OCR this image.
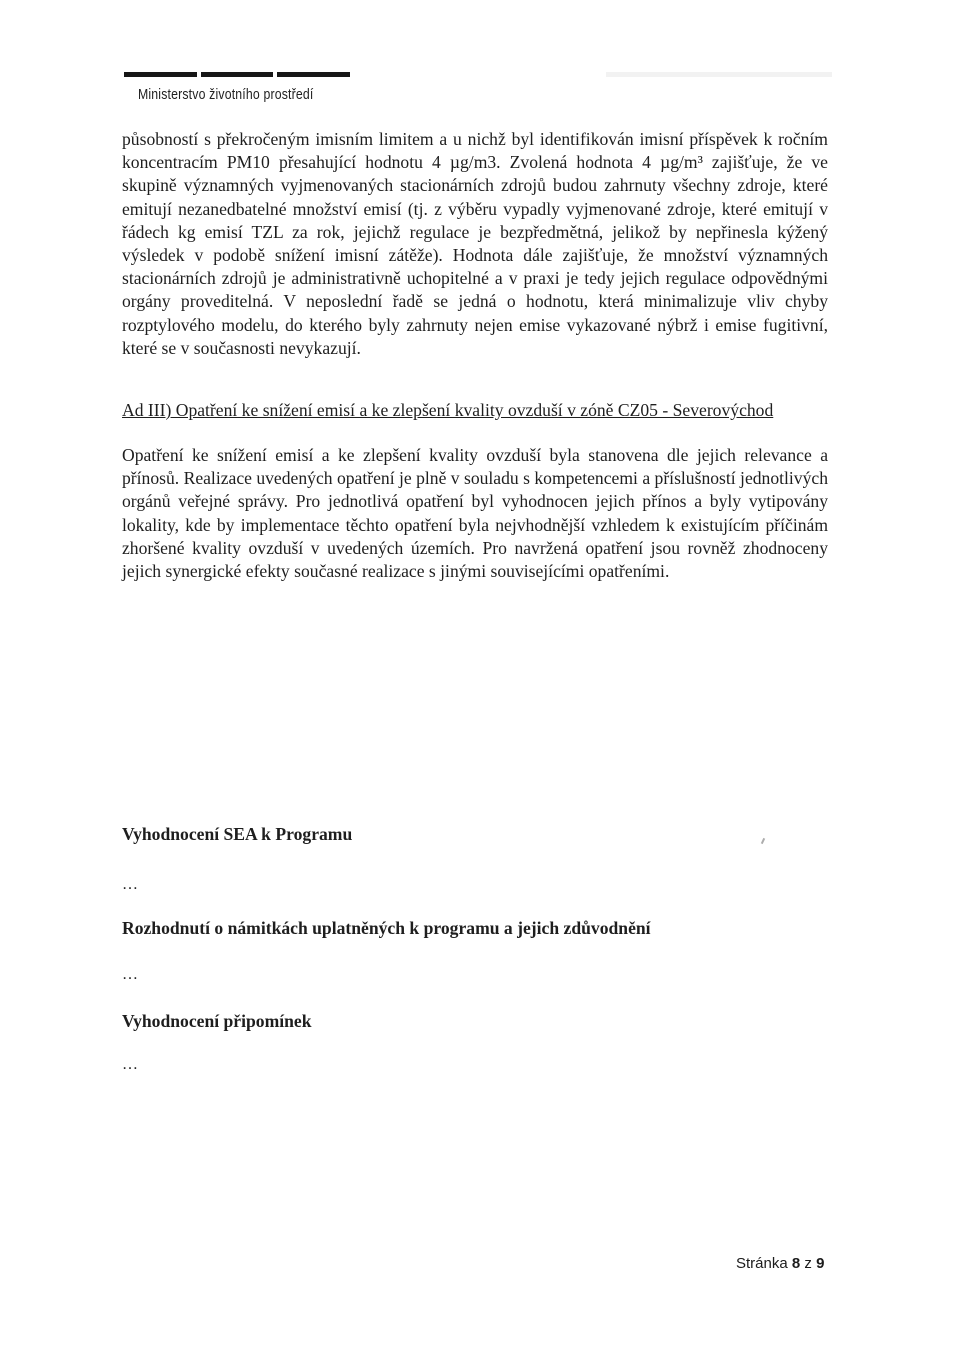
Ministerstvo životního prostředí
působností s překročeným imisním limitem a u nichž byl identifikován imisní příspěvek k ročním koncentracím PM10 přesahující hodnotu 4 µg/m3. Zvolená hodnota 4 µg/m³ zajišťuje, že ve skupině významných vyjmenovaných stacionárních zdrojů budou zahrnuty všechny zdroje, které emitují nezanedbatelné množství emisí (tj. z výběru vypadly vyjmenované zdroje, které emitují v řádech kg emisí TZL za rok, jejichž regulace je bezpředmětná, jelikož by nepřinesla kýžený výsledek v podobě snížení imisní zátěže). Hodnota dále zajišťuje, že množství významných stacionárních zdrojů je administrativně uchopitelné a v praxi je tedy jejich regulace odpovědnými orgány proveditelná. V neposlední řadě se jedná o hodnotu, která minimalizuje vliv chyby rozptylového modelu, do kterého byly zahrnuty nejen emise vykazované nýbrž i emise fugitivní, které se v současnosti nevykazují.
Ad III) Opatření ke snížení emisí a ke zlepšení kvality ovzduší v zóně CZ05 - Severovýchod
Opatření ke snížení emisí a ke zlepšení kvality ovzduší byla stanovena dle jejich relevance a přínosů. Realizace uvedených opatření je plně v souladu s kompetencemi a příslušností jednotlivých orgánů veřejné správy. Pro jednotlivá opatření byl vyhodnocen jejich přínos a byly vytipovány lokality, kde by implementace těchto opatření byla nejvhodnější vzhledem k existujícím příčinám zhoršené kvality ovzduší v uvedených územích. Pro navržená opatření jsou rovněž zhodnoceny jejich synergické efekty současné realizace s jinými souvisejícími opatřeními.
Vyhodnocení SEA k Programu
…
Rozhodnutí o námitkách uplatněných k programu a jejich zdůvodnění
…
Vyhodnocení připomínek
…
Stránka 8 z 9
